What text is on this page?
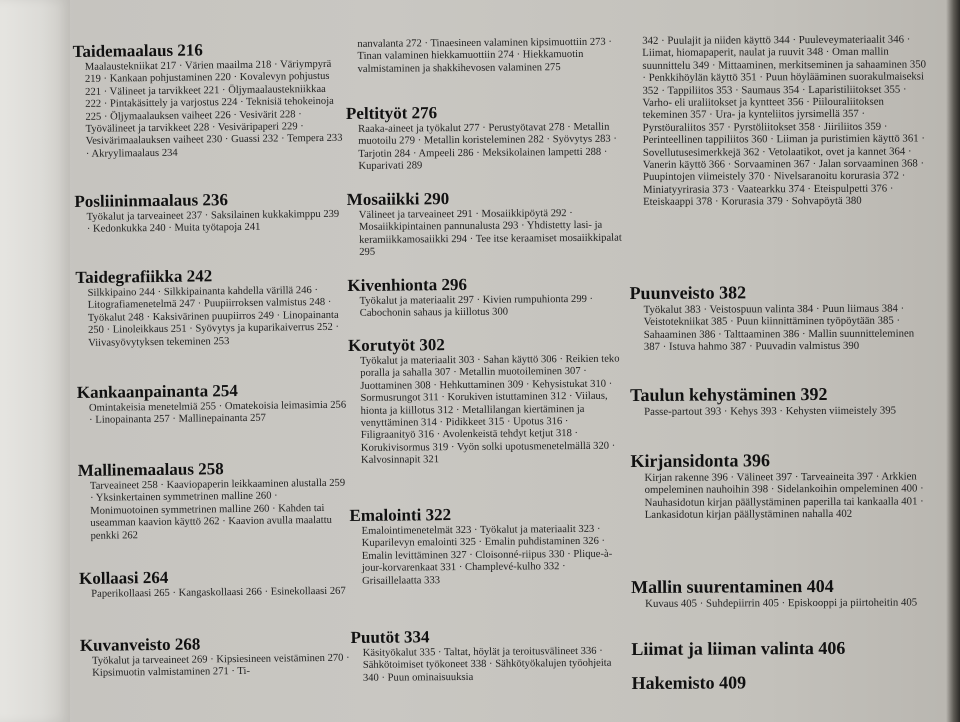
Taidemaalaus 216

Maalaustekniikat 217 · Värien maailma 218 · Väriympyrä 219 · Kankaan pohjustaminen 220 · Kovalevyn pohjustus 221 · Välineet ja tarvikkeet 221 · Öljymaalaustekniikkaa 222 · Pintakäsittely ja varjostus 224 · Teknisiä tehokeinoja 225 · Öljymaalauksen vaiheet 226 · Vesivärit 228 · Työvälineet ja tarvikkeet 228 · Vesiväripaperi 229 · Vesivärimaalauksen vaiheet 230 · Guassi 232 · Tempera 233 · Akryylimaalaus 234

Posliininmaalaus 236

Työkalut ja tarveaineet 237 · Saksilainen kukkakimppu 239 · Kedonkukka 240 · Muita työtapoja 241

Taidegrafiikka 242

Silkkipaino 244 · Silkkipainanta kahdella värillä 246 · Litografiamenetelmä 247 · Puupiirroksen valmistus 248 · Työkalut 248 · Kaksivärinen puupiirros 249 · Linopainanta 250 · Linoleikkaus 251 · Syövytys ja kuparikaiverrus 252 · Viivasyövytyksen tekeminen 253

Kankaanpainanta 254

Omintakeisia menetelmiä 255 · Omatekoisia leimasimia 256 · Linopainanta 257 · Mallinepainanta 257

Mallinemaalaus 258

Tarveaineet 258 · Kaaviopaperin leikkaaminen alustalla 259 · Yksinkertainen symmetrinen malline 260 · Monimuotoinen symmetrinen malline 260 · Kahden tai useamman kaavion käyttö 262 · Kaavion avulla maalattu penkki 262

Kollaasi 264

Paperikollaasi 265 · Kangaskollaasi 266 · Esinekollaasi 267

Kuvanveisto 268

Työkalut ja tarveaineet 269 · Kipsiesineen veistäminen 270 · Kipsimuotin valmistaminen 271 · Ti-

nanvalanta 272 · Tinaesineen valaminen kipsimuottiin 273 · Tinan valaminen hiekkamuottiin 274 · Hiekkamuotin valmistaminen ja shakkihevosen valaminen 275

Peltityöt 276

Raaka-aineet ja työkalut 277 · Perustyötavat 278 · Metallin muotoilu 279 · Metallin koristeleminen 282 · Syövytys 283 · Tarjotin 284 · Ampeeli 286 · Meksikolainen lampetti 288 · Kuparivati 289

Mosaiikki 290

Välineet ja tarveaineet 291 · Mosaiikkipöytä 292 · Mosaiikkipintainen pannunalusta 293 · Yhdistetty lasi- ja keramiikkamosaiikki 294 · Tee itse keraamiset mosaiikkipalat 295

Kivenhionta 296

Työkalut ja materiaalit 297 · Kivien rumpuhionta 299 · Cabochonin sahaus ja kiillotus 300

Korutyöt 302

Työkalut ja materiaalit 303 · Sahan käyttö 306 · Reikien teko poralla ja sahalla 307 · Metallin muotoileminen 307 · Juottaminen 308 · Hehkuttaminen 309 · Kehysistukat 310 · Sormusrungot 311 · Korukiven istuttaminen 312 · Viilaus, hionta ja kiillotus 312 · Metallilangan kiertäminen ja venyttäminen 314 · Pidikkeet 315 · Upotus 316 · Filigraanityö 316 · Avolenkeistä tehdyt ketjut 318 · Korukivisormus 319 · Vyön solki upotusmenetelmällä 320 · Kalvosinnapit 321

Emalointi 322

Emalointimenetelmät 323 · Työkalut ja materiaalit 323 · Kuparilevyn emalointi 325 · Emalin puhdistaminen 326 · Emalin levittäminen 327 · Cloisonné-riipus 330 · Plique-à-jour-korvarenkaat 331 · Champlevé-kulho 332 · Grisaillelaatta 333

Puutöt 334

Käsityökalut 335 · Taltat, höylät ja teroitusvälineet 336 · Sähkötoimiset työkoneet 338 · Sähkötyökalujen työohjeita 340 · Puun ominaisuuksia

342 · Puulajit ja niiden käyttö 344 · Puuleveymateriaalit 346 · Liimat, hiomapaperit, naulat ja ruuvit 348 · Oman mallin suunnittelu 349 · Mittaaminen, merkitseminen ja sahaaminen 350 · Penkkihöylän käyttö 351 · Puun höylääminen suorakulmaiseksi 352 · Tappiliitos 353 · Saumaus 354 · Laparistiliitokset 355 · Varho- eli uraliitokset ja kyntteet 356 · Piilouraliitoksen tekeminen 357 · Ura- ja kynteliitos jyrsimellä 357 · Pyrstöuraliitos 357 · Pyrstöliitokset 358 · Jiiriliitos 359 · Perinteellinen tappiliitos 360 · Liiman ja puristimien käyttö 361 · Sovellutusesimerkkejä 362 · Vetolaatikot, ovet ja kannet 364 · Vanerin käyttö 366 · Sorvaaminen 367 · Jalan sorvaaminen 368 · Puupintojen viimeistely 370 · Nivelsaranoitu korurasia 372 · Miniatyyrirasia 373 · Vaatearkku 374 · Eteispulpetti 376 · Eteiskaappi 378 · Korurasia 379 · Sohvapöytä 380

Puunveisto 382

Työkalut 383 · Veistospuun valinta 384 · Puun liimaus 384 · Veistotekniikat 385 · Puun kiinnittäminen työpöytään 385 · Sahaaminen 386 · Talttaaminen 386 · Mallin suunnitteleminen 387 · Istuva hahmo 387 · Puuvadin valmistus 390

Taulun kehystäminen 392

Passe-partout 393 · Kehys 393 · Kehysten viimeistely 395

Kirjansidonta 396

Kirjan rakenne 396 · Välineet 397 · Tarveaineita 397 · Arkkien ompeleminen nauhoihin 398 · Sidelankoihin ompeleminen 400 · Nauhasidotun kirjan päällystäminen paperilla tai kankaalla 401 · Lankasidotun kirjan päällystäminen nahalla 402

Mallin suurentaminen 404

Kuvaus 405 · Suhdepiirrin 405 · Episkooppi ja piirtoheitin 405

Liimat ja liiman valinta 406
Hakemisto 409
